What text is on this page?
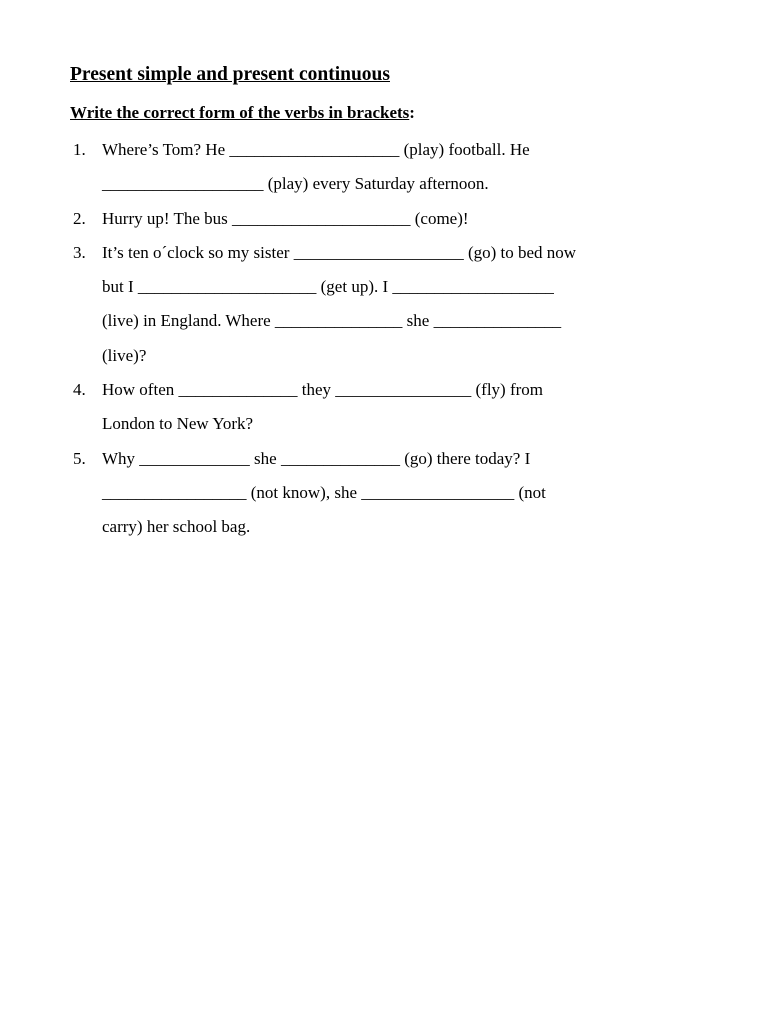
Present simple and present continuous

Write the correct form of the verbs in brackets:

1. Where’s Tom? He ____________________ (play) football. He
___________________ (play) every Saturday afternoon.
2. Hurry up! The bus _____________________ (come)!
3. It’s ten o´clock so my sister ____________________ (go) to bed now
but I _____________________ (get up). I ___________________
(live) in England. Where _______________ she _______________
(live)?
4. How often ______________ they ________________ (fly) from
London to New York?
5. Why _____________ she ______________ (go) there today? I
_________________ (not know), she __________________ (not
carry) her school bag.
